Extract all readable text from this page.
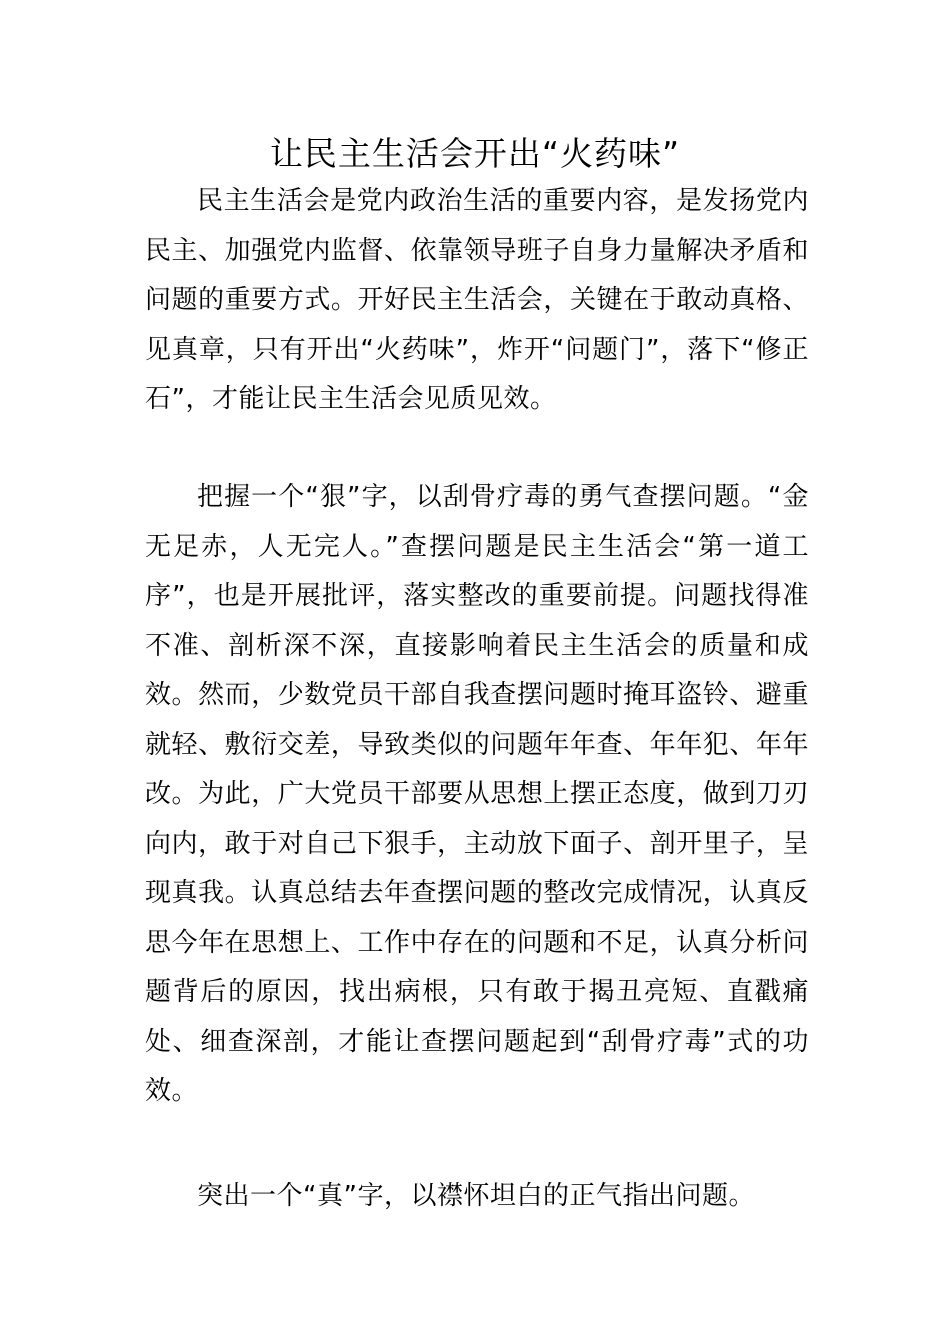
让民主生活会开出“火药味”

民主生活会是党内政治生活的重要内容，是发扬党内民主、加强党内监督、依靠领导班子自身力量解决矛盾和问题的重要方式。开好民主生活会，关键在于敢动真格、见真章，只有开出“火药味”，炸开“问题门”，落下“修正石”，才能让民主生活会见质见效。

把握一个“狠”字，以刮骨疗毒的勇气查摆问题。“金无足赤，人无完人。”查摆问题是民主生活会“第一道工序”，也是开展批评，落实整改的重要前提。问题找得准不准、剖析深不深，直接影响着民主生活会的质量和成效。然而，少数党员干部自我查摆问题时掩耳盗铃、避重就轻、敷衍交差，导致类似的问题年年查、年年犯、年年改。为此，广大党员干部要从思想上摆正态度，做到刀刃向内，敢于对自己下狠手，主动放下面子、剖开里子，呈现真我。认真总结去年查摆问题的整改完成情况，认真反思今年在思想上、工作中存在的问题和不足，认真分析问题背后的原因，找出病根，只有敢于揭丑亮短、直戳痛处、细查深剖，才能让查摆问题起到“刮骨疗毒”式的功效。

突出一个“真”字，以襟怀坦白的正气指出问题。
